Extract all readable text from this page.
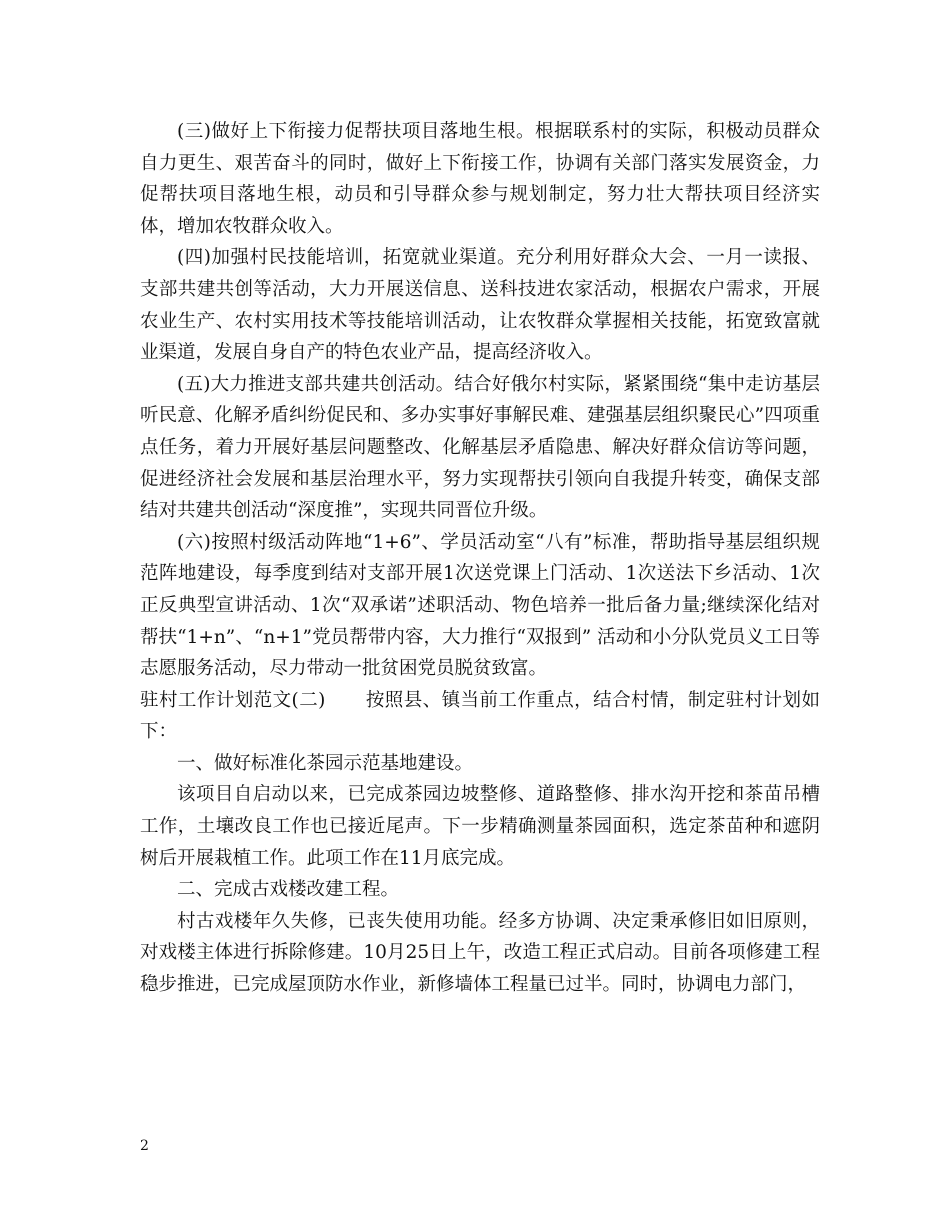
(三)做好上下衔接力促帮扶项目落地生根。根据联系村的实际，积极动员群众自力更生、艰苦奋斗的同时，做好上下衔接工作，协调有关部门落实发展资金，力促帮扶项目落地生根，动员和引导群众参与规划制定，努力壮大帮扶项目经济实体，增加农牧群众收入。

(四)加强村民技能培训，拓宽就业渠道。充分利用好群众大会、一月一读报、支部共建共创等活动，大力开展送信息、送科技进农家活动，根据农户需求，开展农业生产、农村实用技术等技能培训活动，让农牧群众掌握相关技能，拓宽致富就业渠道，发展自身自产的特色农业产品，提高经济收入。

(五)大力推进支部共建共创活动。结合好俄尔村实际，紧紧围绕“集中走访基层听民意、化解矛盾纠纷促民和、多办实事好事解民难、建强基层组织聚民心”四项重点任务，着力开展好基层问题整改、化解基层矛盾隐患、解决好群众信访等问题，促进经济社会发展和基层治理水平，努力实现帮扶引领向自我提升转变，确保支部结对共建共创活动“深度推”，实现共同晋位升级。

(六)按照村级活动阵地“1+6”、学员活动室“八有”标准，帮助指导基层组织规范阵地建设，每季度到结对支部开展1次送党课上门活动、1次送法下乡活动、1次正反典型宣讲活动、1次“双承诺”述职活动、物色培养一批后备力量;继续深化结对帮扶“1+n”、“n+1”党员帮带内容，大力推行“双报到” 活动和小分队党员义工日等志愿服务活动，尽力带动一批贫困党员脱贫致富。

驻村工作计划范文(二) 按照县、镇当前工作重点，结合村情，制定驻村计划如下：

一、做好标准化茶园示范基地建设。

该项目自启动以来，已完成茶园边坡整修、道路整修、排水沟开挖和茶苗吊槽工作，土壤改良工作也已接近尾声。下一步精确测量茶园面积，选定茶苗种和遮阴树后开展栽植工作。此项工作在11月底完成。

二、完成古戏楼改建工程。

村古戏楼年久失修，已丧失使用功能。经多方协调、决定秉承修旧如旧原则，对戏楼主体进行拆除修建。10月25日上午，改造工程正式启动。目前各项修建工程稳步推进，已完成屋顶防水作业，新修墙体工程量已过半。同时，协调电力部门，

2
